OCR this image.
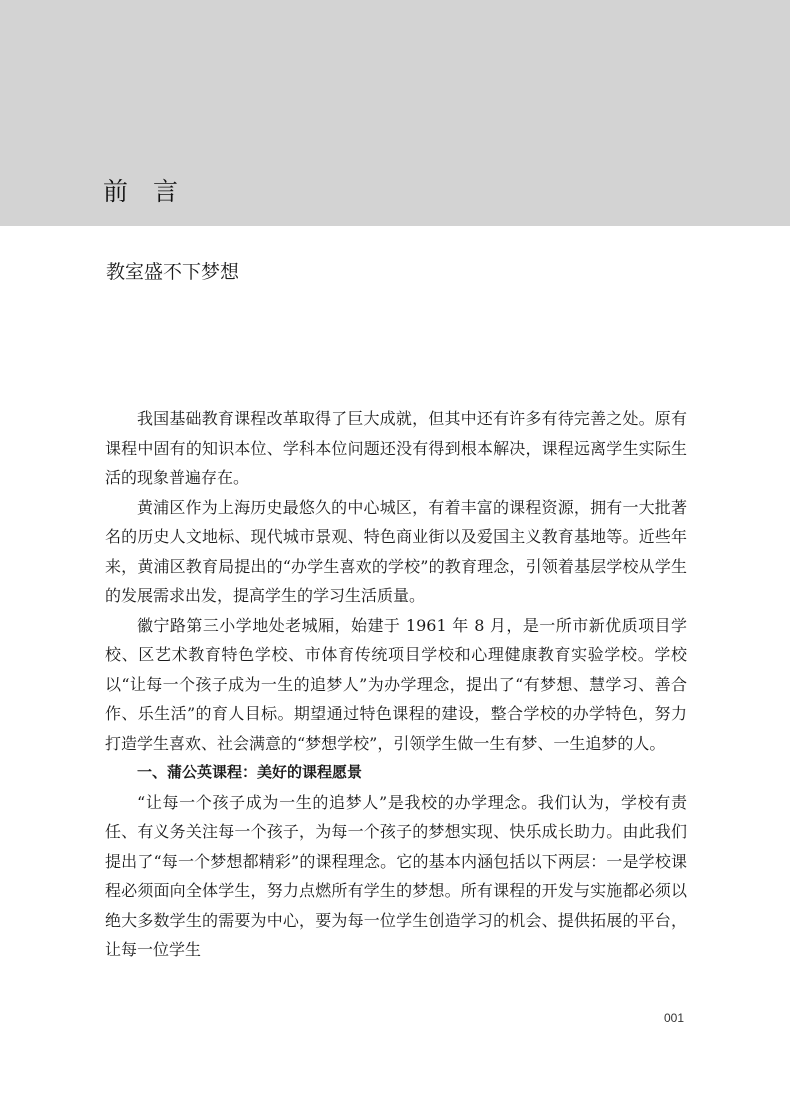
前言
教室盛不下梦想

我国基础教育课程改革取得了巨大成就，但其中还有许多有待完善之处。原有课程中固有的知识本位、学科本位问题还没有得到根本解决，课程远离学生实际生活的现象普遍存在。

黄浦区作为上海历史最悠久的中心城区，有着丰富的课程资源，拥有一大批著名的历史人文地标、现代城市景观、特色商业街以及爱国主义教育基地等。近些年来，黄浦区教育局提出的“办学生喜欢的学校”的教育理念，引领着基层学校从学生的发展需求出发，提高学生的学习生活质量。

徽宁路第三小学地处老城厢，始建于 1961 年 8 月，是一所市新优质项目学校、区艺术教育特色学校、市体育传统项目学校和心理健康教育实验学校。学校以“让每一个孩子成为一生的追梦人”为办学理念，提出了“有梦想、慧学习、善合作、乐生活”的育人目标。期望通过特色课程的建设，整合学校的办学特色，努力打造学生喜欢、社会满意的“梦想学校”，引领学生做一生有梦、一生追梦的人。

一、蒲公英课程：美好的课程愿景

“让每一个孩子成为一生的追梦人”是我校的办学理念。我们认为，学校有责任、有义务关注每一个孩子，为每一个孩子的梦想实现、快乐成长助力。由此我们提出了“每一个梦想都精彩”的课程理念。它的基本内涵包括以下两层：一是学校课程必须面向全体学生，努力点燃所有学生的梦想。所有课程的开发与实施都必须以绝大多数学生的需要为中心，要为每一位学生创造学习的机会、提供拓展的平台，让每一位学生

001
